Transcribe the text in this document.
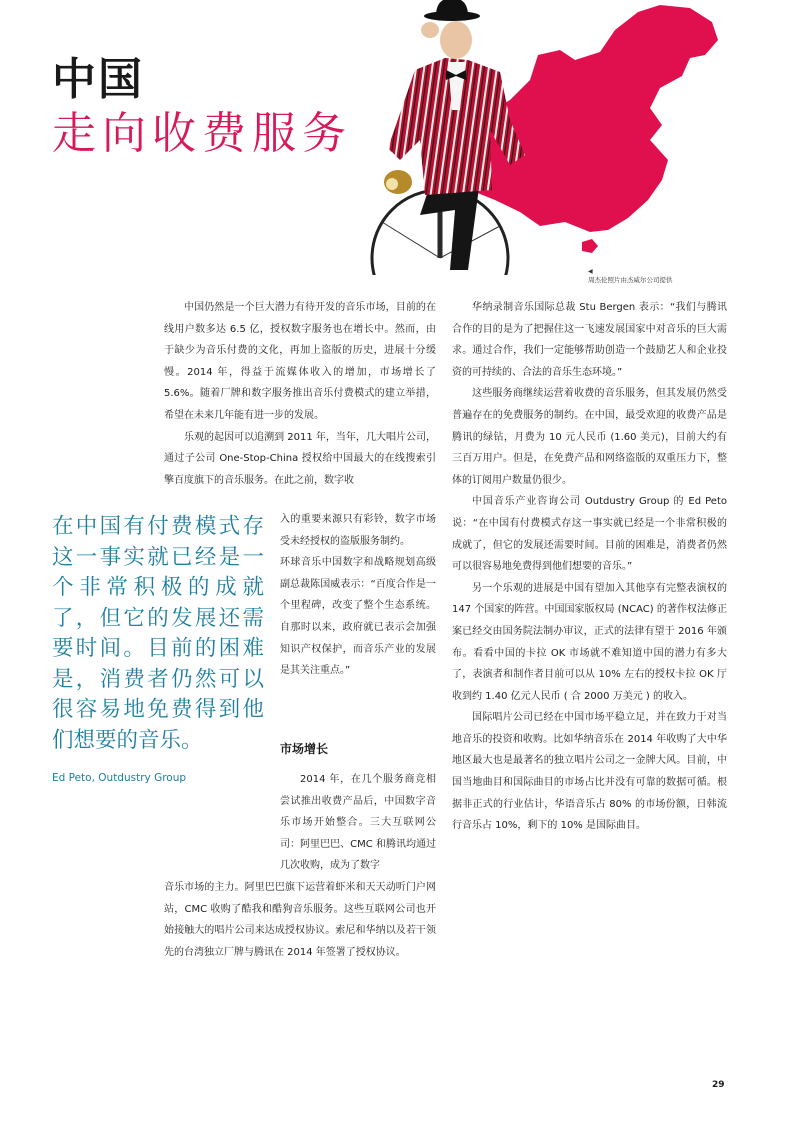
中国
走向收费服务
◀
周杰伦照片由杰威尔公司提供

中国仍然是一个巨大潜力有待开发的音乐市场，目前的在线用户数多达 6.5 亿，授权数字服务也在增长中。然而，由于缺少为音乐付费的文化，再加上盗版的历史，进展十分缓慢。2014 年，得益于流媒体收入的增加，市场增长了 5.6%。随着厂牌和数字服务推出音乐付费模式的建立举措，希望在未来几年能有进一步的发展。

乐观的起因可以追溯到 2011 年，当年，几大唱片公司，通过子公司 One-Stop-China 授权给中国最大的在线搜索引擎百度旗下的音乐服务。在此之前，数字收

入的重要来源只有彩铃，数字市场受未经授权的盗版服务制约。

环球音乐中国数字和战略规划高级副总裁陈国威表示：“百度合作是一个里程碑，改变了整个生态系统。自那时以来，政府就已表示会加强知识产权保护，而音乐产业的发展是其关注重点。”

在中国有付费模式存这一事实就已经是一个非常积极的成就了，但它的发展还需要时间。目前的困难是，消费者仍然可以很容易地免费得到他们想要的音乐。

Ed Peto, Outdustry Group
市场增长

2014 年，在几个服务商竞相尝试推出收费产品后，中国数字音乐市场开始整合。三大互联网公司：阿里巴巴、CMC 和腾讯均通过几次收购，成为了数字

音乐市场的主力。阿里巴巴旗下运营着虾米和天天动听门户网站，CMC 收购了酷我和酷狗音乐服务。这些互联网公司也开始接触大的唱片公司来达成授权协议。索尼和华纳以及若干领先的台湾独立厂牌与腾讯在 2014 年签署了授权协议。

华纳录制音乐国际总裁 Stu Bergen 表示：“我们与腾讯合作的目的是为了把握住这一飞速发展国家中对音乐的巨大需求。通过合作，我们一定能够帮助创造一个鼓励艺人和企业投资的可持续的、合法的音乐生态环境。”

这些服务商继续运营着收费的音乐服务，但其发展仍然受普遍存在的免费服务的制约。在中国，最受欢迎的收费产品是腾讯的绿钻，月费为 10 元人民币 (1.60 美元)，目前大约有三百万用户。但是，在免费产品和网络盗版的双重压力下，整体的订阅用户数量仍很少。

中国音乐产业咨询公司 Outdustry Group 的 Ed Peto 说：“在中国有付费模式存这一事实就已经是一个非常积极的成就了，但它的发展还需要时间。目前的困难是，消费者仍然可以很容易地免费得到他们想要的音乐。”

另一个乐观的进展是中国有望加入其他享有完整表演权的 147 个国家的阵营。中国国家版权局 (NCAC) 的著作权法修正案已经交由国务院法制办审议，正式的法律有望于 2016 年颁布。看看中国的卡拉 OK 市场就不难知道中国的潜力有多大了，表演者和制作者目前可以从 10% 左右的授权卡拉 OK 厅收到约 1.40 亿元人民币 ( 合 2000 万美元 ) 的收入。

国际唱片公司已经在中国市场平稳立足，并在致力于对当地音乐的投资和收购。比如华纳音乐在 2014 年收购了大中华地区最大也是最著名的独立唱片公司之一金牌大风。目前，中国当地曲目和国际曲目的市场占比并没有可靠的数据可循。根据非正式的行业估计，华语音乐占 80% 的市场份额，日韩流行音乐占 10%，剩下的 10% 是国际曲目。

29
